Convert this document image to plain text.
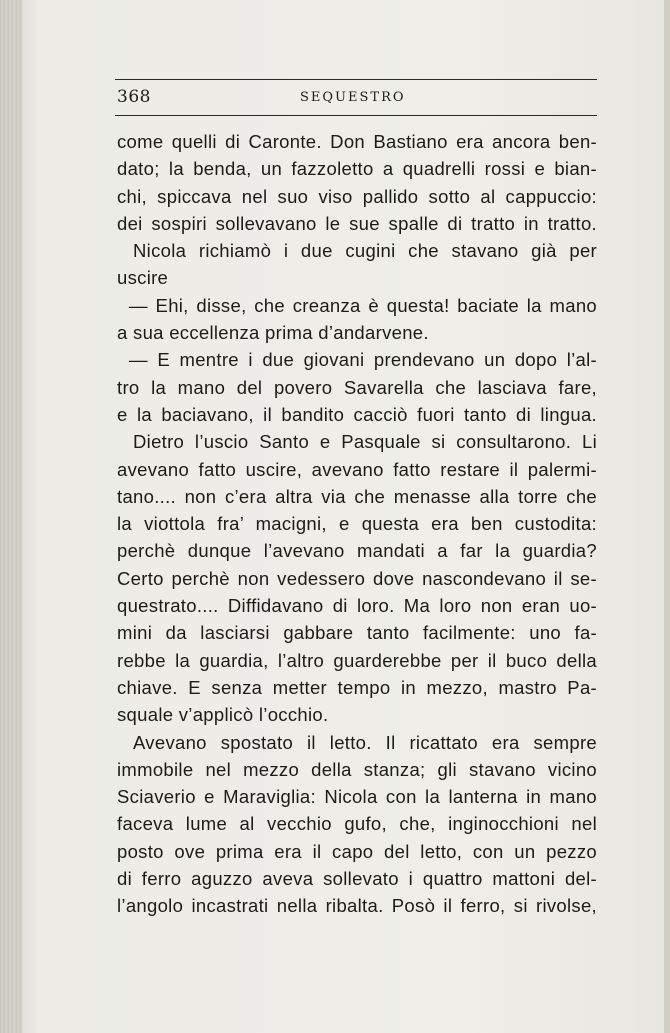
368	SEQUESTRO
come quelli di Caronte. Don Bastiano era ancora ben-
dato; la benda, un fazzoletto a quadrelli rossi e bian-
chi, spiccava nel suo viso pallido sotto al cappuccio:
dei sospiri sollevavano le sue spalle di tratto in tratto.
Nicola richiamò i due cugini che stavano già per
uscire
— Ehi, disse, che creanza è questa! baciate la mano
a sua eccellenza prima d’andarvene.
— E mentre i due giovani prendevano un dopo l’al-
tro la mano del povero Savarella che lasciava fare,
e la baciavano, il bandito cacciò fuori tanto di lingua.
Dietro l’uscio Santo e Pasquale si consultarono. Li
avevano fatto uscire, avevano fatto restare il palermi-
tano.... non c’era altra via che menasse alla torre che
la viottola fra’ macigni, e questa era ben custodita:
perchè dunque l’avevano mandati a far la guardia?
Certo perchè non vedessero dove nascondevano il se-
questrato.... Diffidavano di loro. Ma loro non eran uo-
mini da lasciarsi gabbare tanto facilmente: uno fa-
rebbe la guardia, l’altro guarderebbe per il buco della
chiave. E senza metter tempo in mezzo, mastro Pa-
squale v’applicò l’occhio.
Avevano spostato il letto. Il ricattato era sempre
immobile nel mezzo della stanza; gli stavano vicino
Sciaverio e Maraviglia: Nicola con la lanterna in mano
faceva lume al vecchio gufo, che, inginocchioni nel
posto ove prima era il capo del letto, con un pezzo
di ferro aguzzo aveva sollevato i quattro mattoni del-
l’angolo incastrati nella ribalta. Posò il ferro, si rivolse,
